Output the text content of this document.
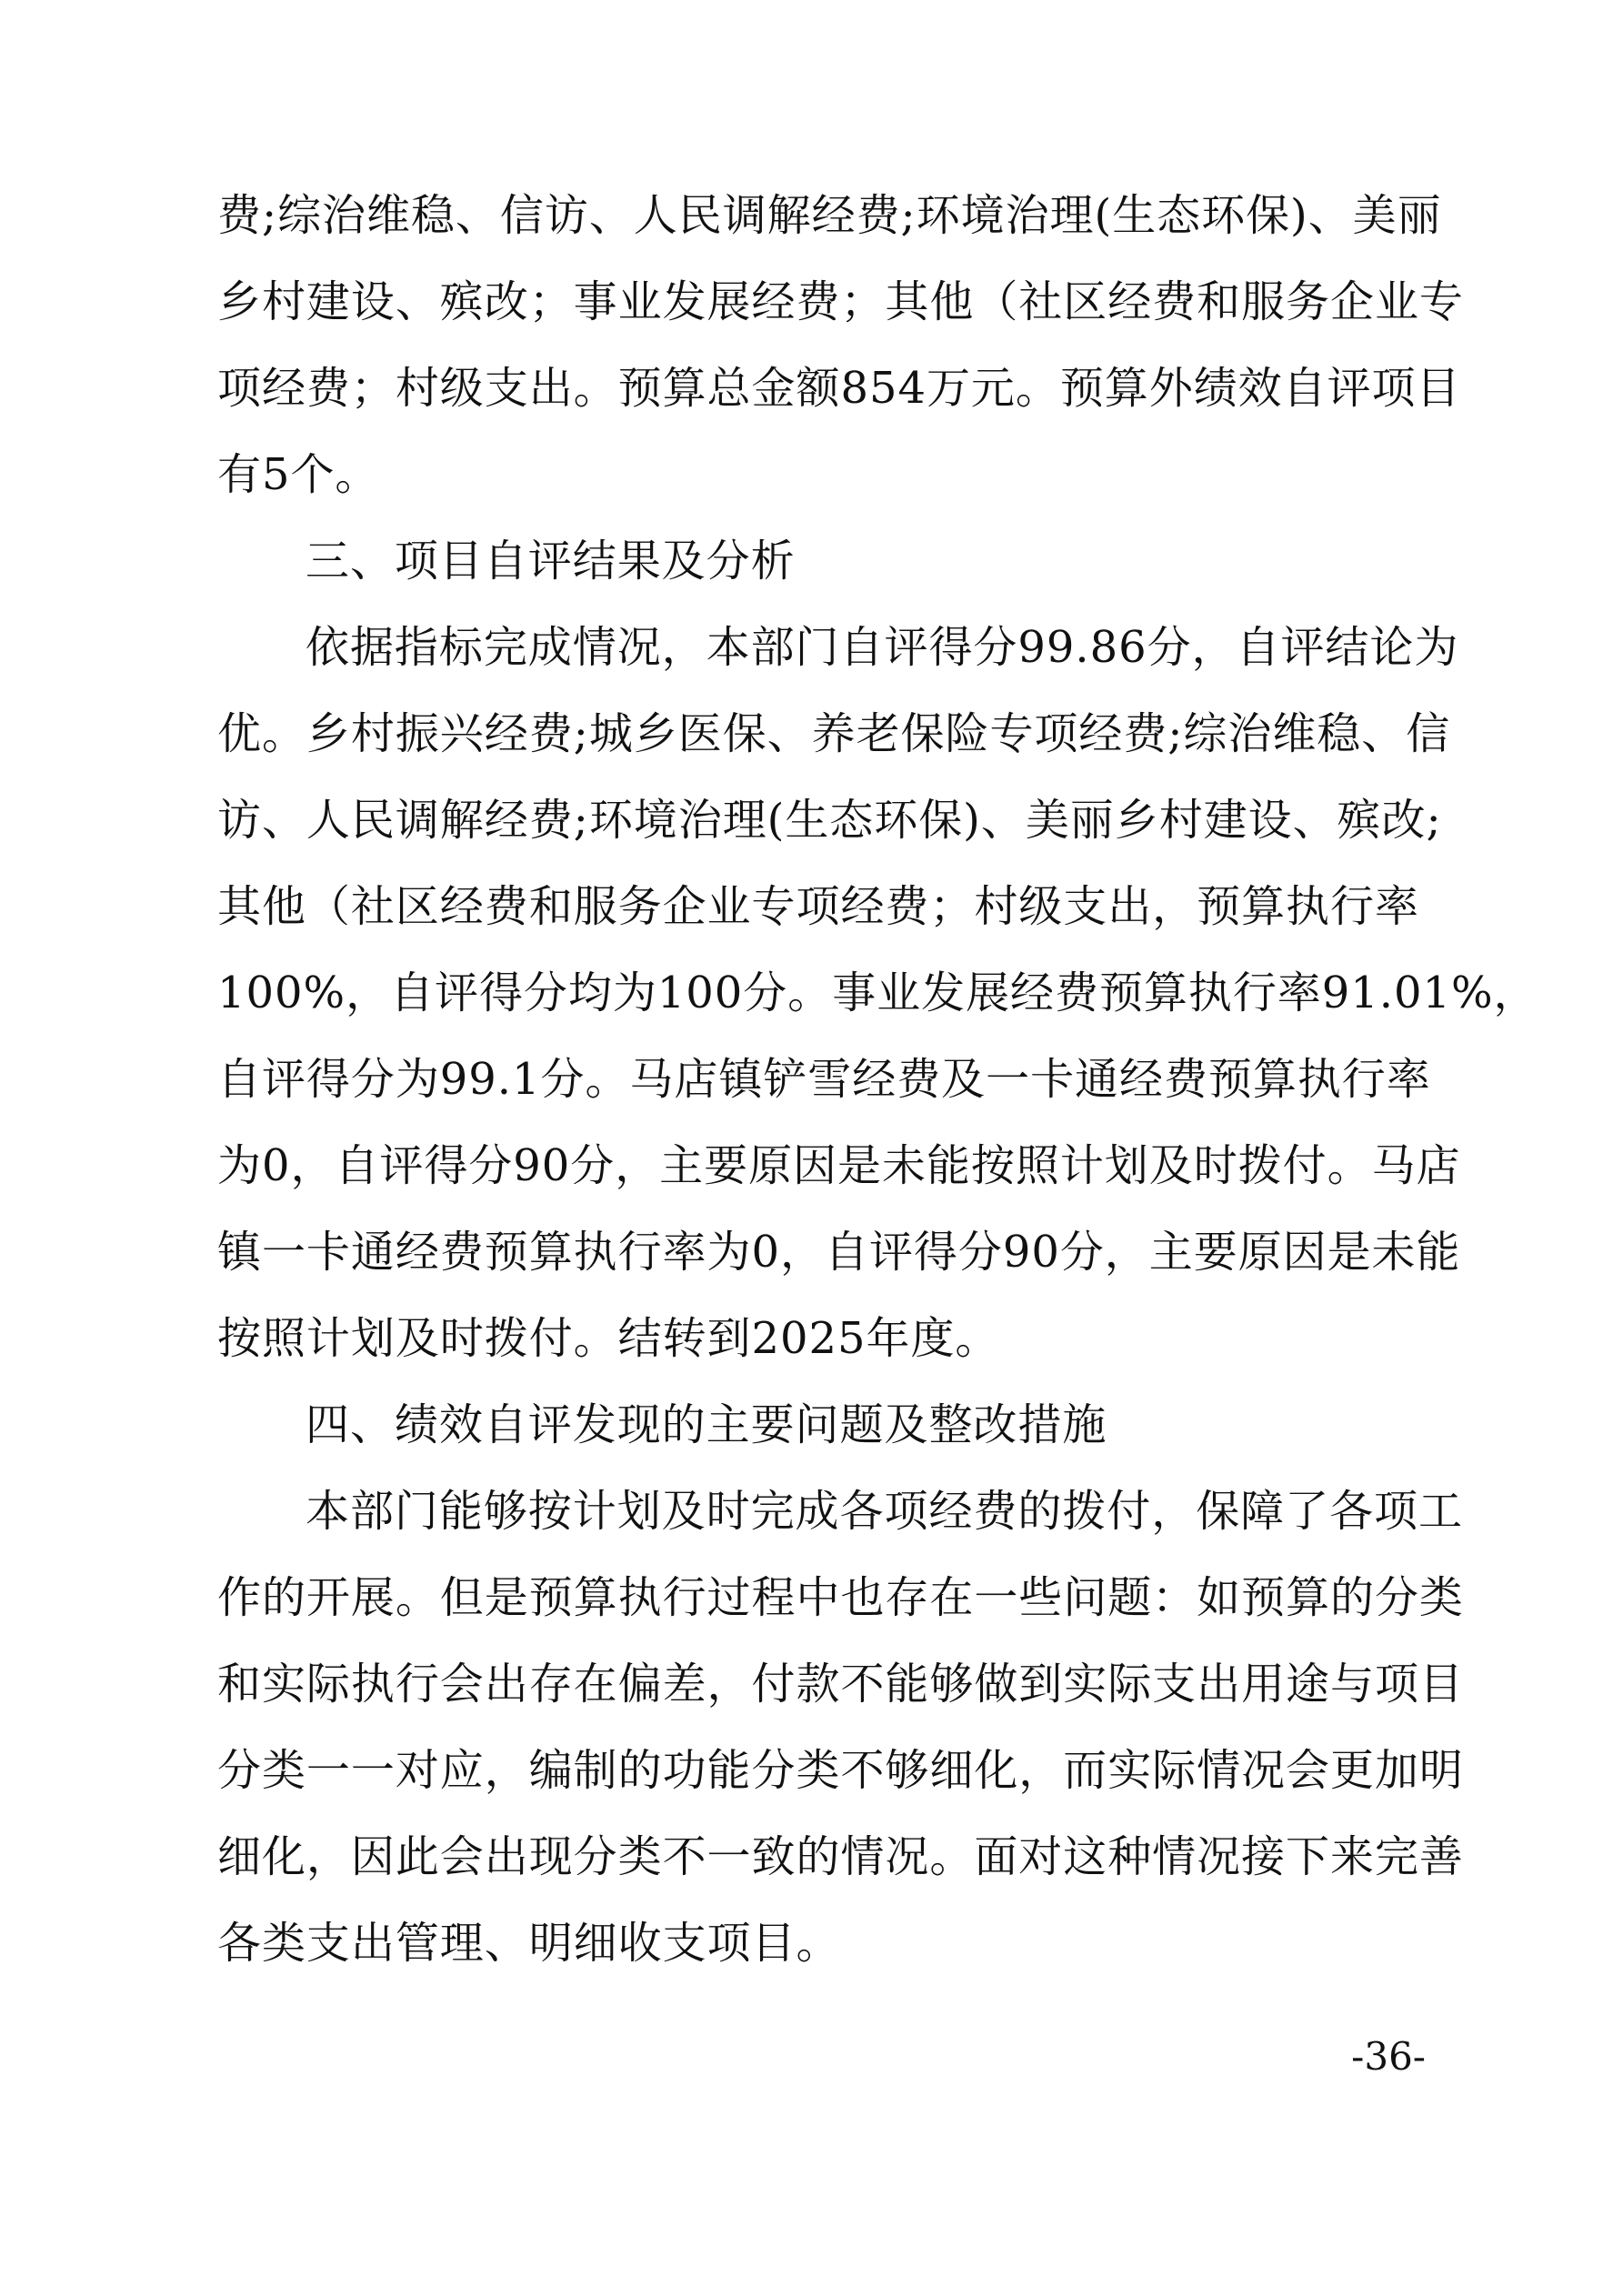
费;综治维稳、信访、人民调解经费;环境治理(生态环保)、美丽
乡村建设、殡改；事业发展经费；其他（社区经费和服务企业专
项经费；村级支出。预算总金额854万元。预算外绩效自评项目
有5个。
三、项目自评结果及分析
依据指标完成情况，本部门自评得分99.86分，自评结论为
优。乡村振兴经费;城乡医保、养老保险专项经费;综治维稳、信
访、人民调解经费;环境治理(生态环保)、美丽乡村建设、殡改;
其他（社区经费和服务企业专项经费；村级支出，预算执行率
100%，自评得分均为100分。事业发展经费预算执行率91.01%，
自评得分为99.1分。马店镇铲雪经费及一卡通经费预算执行率
为0，自评得分90分，主要原因是未能按照计划及时拨付。马店
镇一卡通经费预算执行率为0，自评得分90分，主要原因是未能
按照计划及时拨付。结转到2025年度。
四、绩效自评发现的主要问题及整改措施
本部门能够按计划及时完成各项经费的拨付，保障了各项工
作的开展。但是预算执行过程中也存在一些问题：如预算的分类
和实际执行会出存在偏差，付款不能够做到实际支出用途与项目
分类一一对应，编制的功能分类不够细化，而实际情况会更加明
细化，因此会出现分类不一致的情况。面对这种情况接下来完善
各类支出管理、明细收支项目。
-36-
